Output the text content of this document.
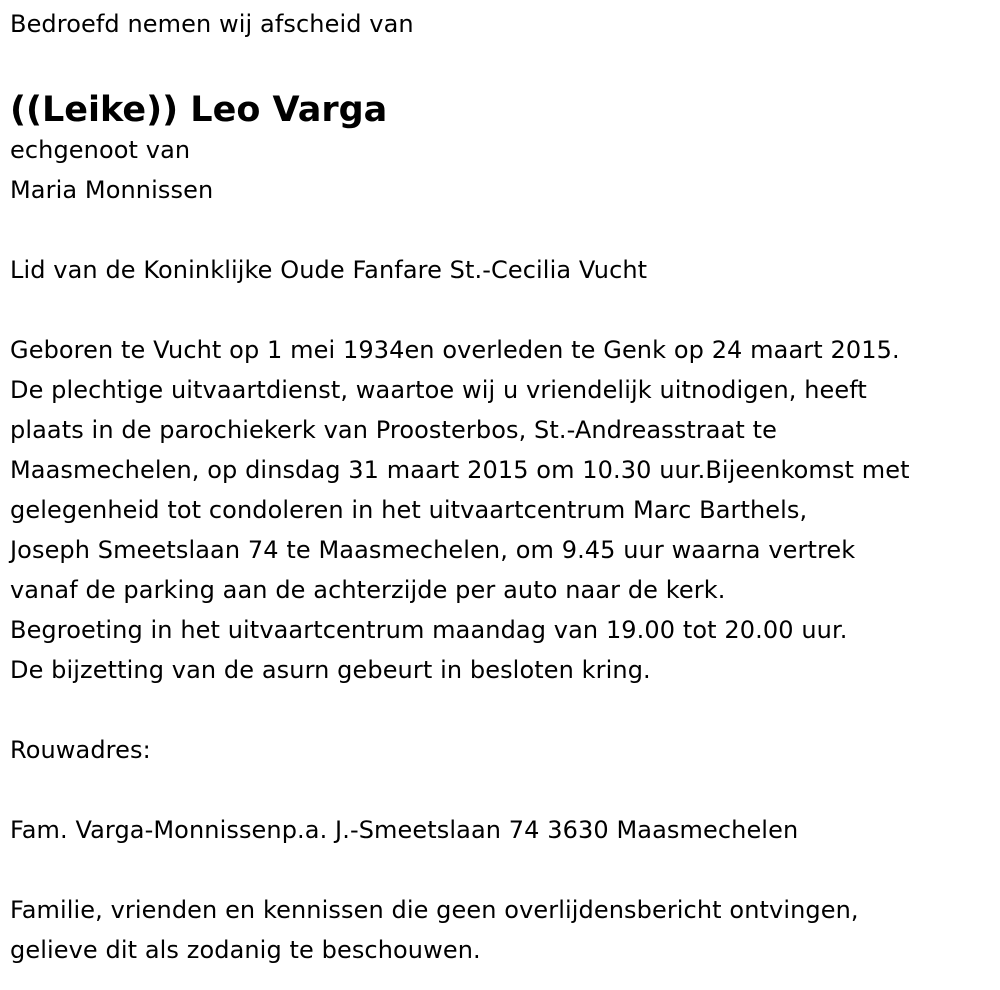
Bedroefd nemen wij afscheid van
((Leike)) Leo Varga
echgenoot van
Maria Monnissen
Lid van de Koninklijke Oude Fanfare St.-Cecilia Vucht
Geboren te Vucht op 1 mei 1934en overleden te Genk op 24 maart 2015.
De plechtige uitvaartdienst, waartoe wij u vriendelijk uitnodigen, heeft
plaats in de parochiekerk van Proosterbos, St.-Andreasstraat te
Maasmechelen, op dinsdag 31 maart 2015 om 10.30 uur.Bijeenkomst met
gelegenheid tot condoleren in het uitvaartcentrum Marc Barthels,
Joseph Smeetslaan 74 te Maasmechelen, om 9.45 uur waarna vertrek
vanaf de parking aan de achterzijde per auto naar de kerk.
Begroeting in het uitvaartcentrum maandag van 19.00 tot 20.00 uur.
De bijzetting van de asurn gebeurt in besloten kring.
Rouwadres:
Fam. Varga-Monnissenp.a. J.-Smeetslaan 74 3630 Maasmechelen
Familie, vrienden en kennissen die geen overlijdensbericht ontvingen,
gelieve dit als zodanig te beschouwen.
